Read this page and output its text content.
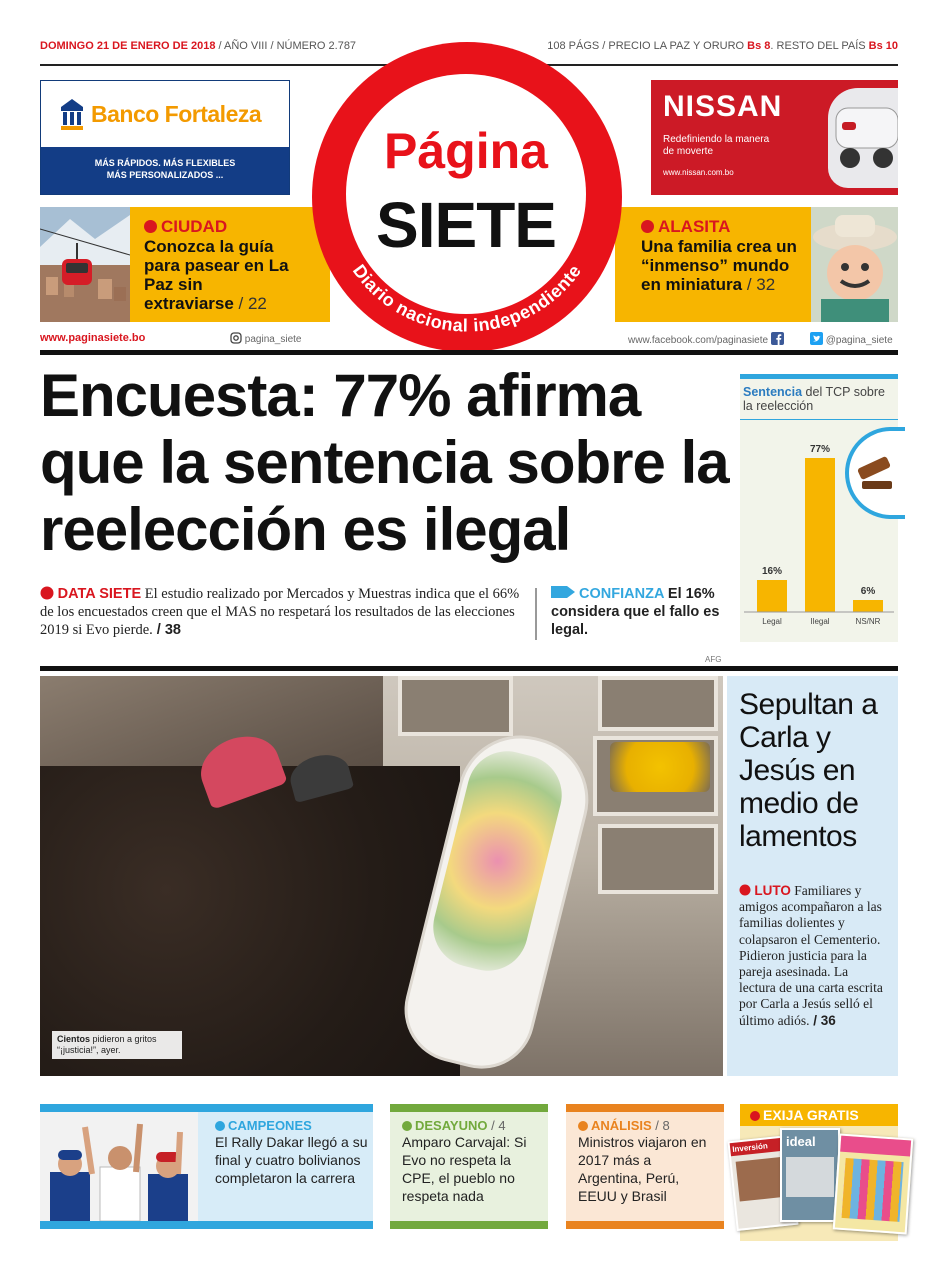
DOMINGO 21 DE ENERO DE 2018 / AÑO VIII / NÚMERO 2.787	108 PÁGS / PRECIO LA PAZ Y ORURO Bs 8. RESTO DEL PAÍS Bs 10
Banco Fortaleza
MÁS RÁPIDOS. MÁS FLEXIBLES
MÁS PERSONALIZADOS ...
NISSAN
Redefiniendo la manera de moverte
www.nissan.com.bo
CIUDAD
Conozca la guía para pasear en La Paz sin extraviarse / 22
ALASITA
Una familia crea un “inmenso” mundo en miniatura / 32
Página
SIETE
Diario nacional independiente
www.paginasiete.bo	pagina_siete	www.facebook.com/paginasiete	@pagina_siete
Encuesta: 77% afirma que la sentencia sobre la reelección es ilegal
DATA SIETE El estudio realizado por Mercados y Muestras indica que el 66% de los encuestados creen que el MAS no respetará los resultados de las elecciones 2019 si Evo pierde. / 38
CONFIANZA El 16% considera que el fallo es legal.
Sentencia del TCP sobre la reelección
16%
Legal
77%
Ilegal
6%
NS/NR
AFG
Cientos pidieron a gritos “¡justicia!”, ayer.
Sepultan a Carla y Jesús en medio de lamentos
LUTO Familiares y amigos acompañaron a las familias dolientes y colapsaron el Cementerio. Pidieron justicia para la pareja asesinada. La lectura de una carta escrita por Carla a Jesús selló el último adiós. / 36
CAMPEONES
El Rally Dakar llegó a su final y cuatro bolivianos completaron la carrera
DESAYUNO / 4
Amparo Carvajal: Si Evo no respeta la CPE, el pueblo no respeta nada
ANÁLISIS / 8
Ministros viajaron en 2017 más a Argentina, Perú, EEUU y Brasil
EXIJA GRATIS
Inversión	ideal
